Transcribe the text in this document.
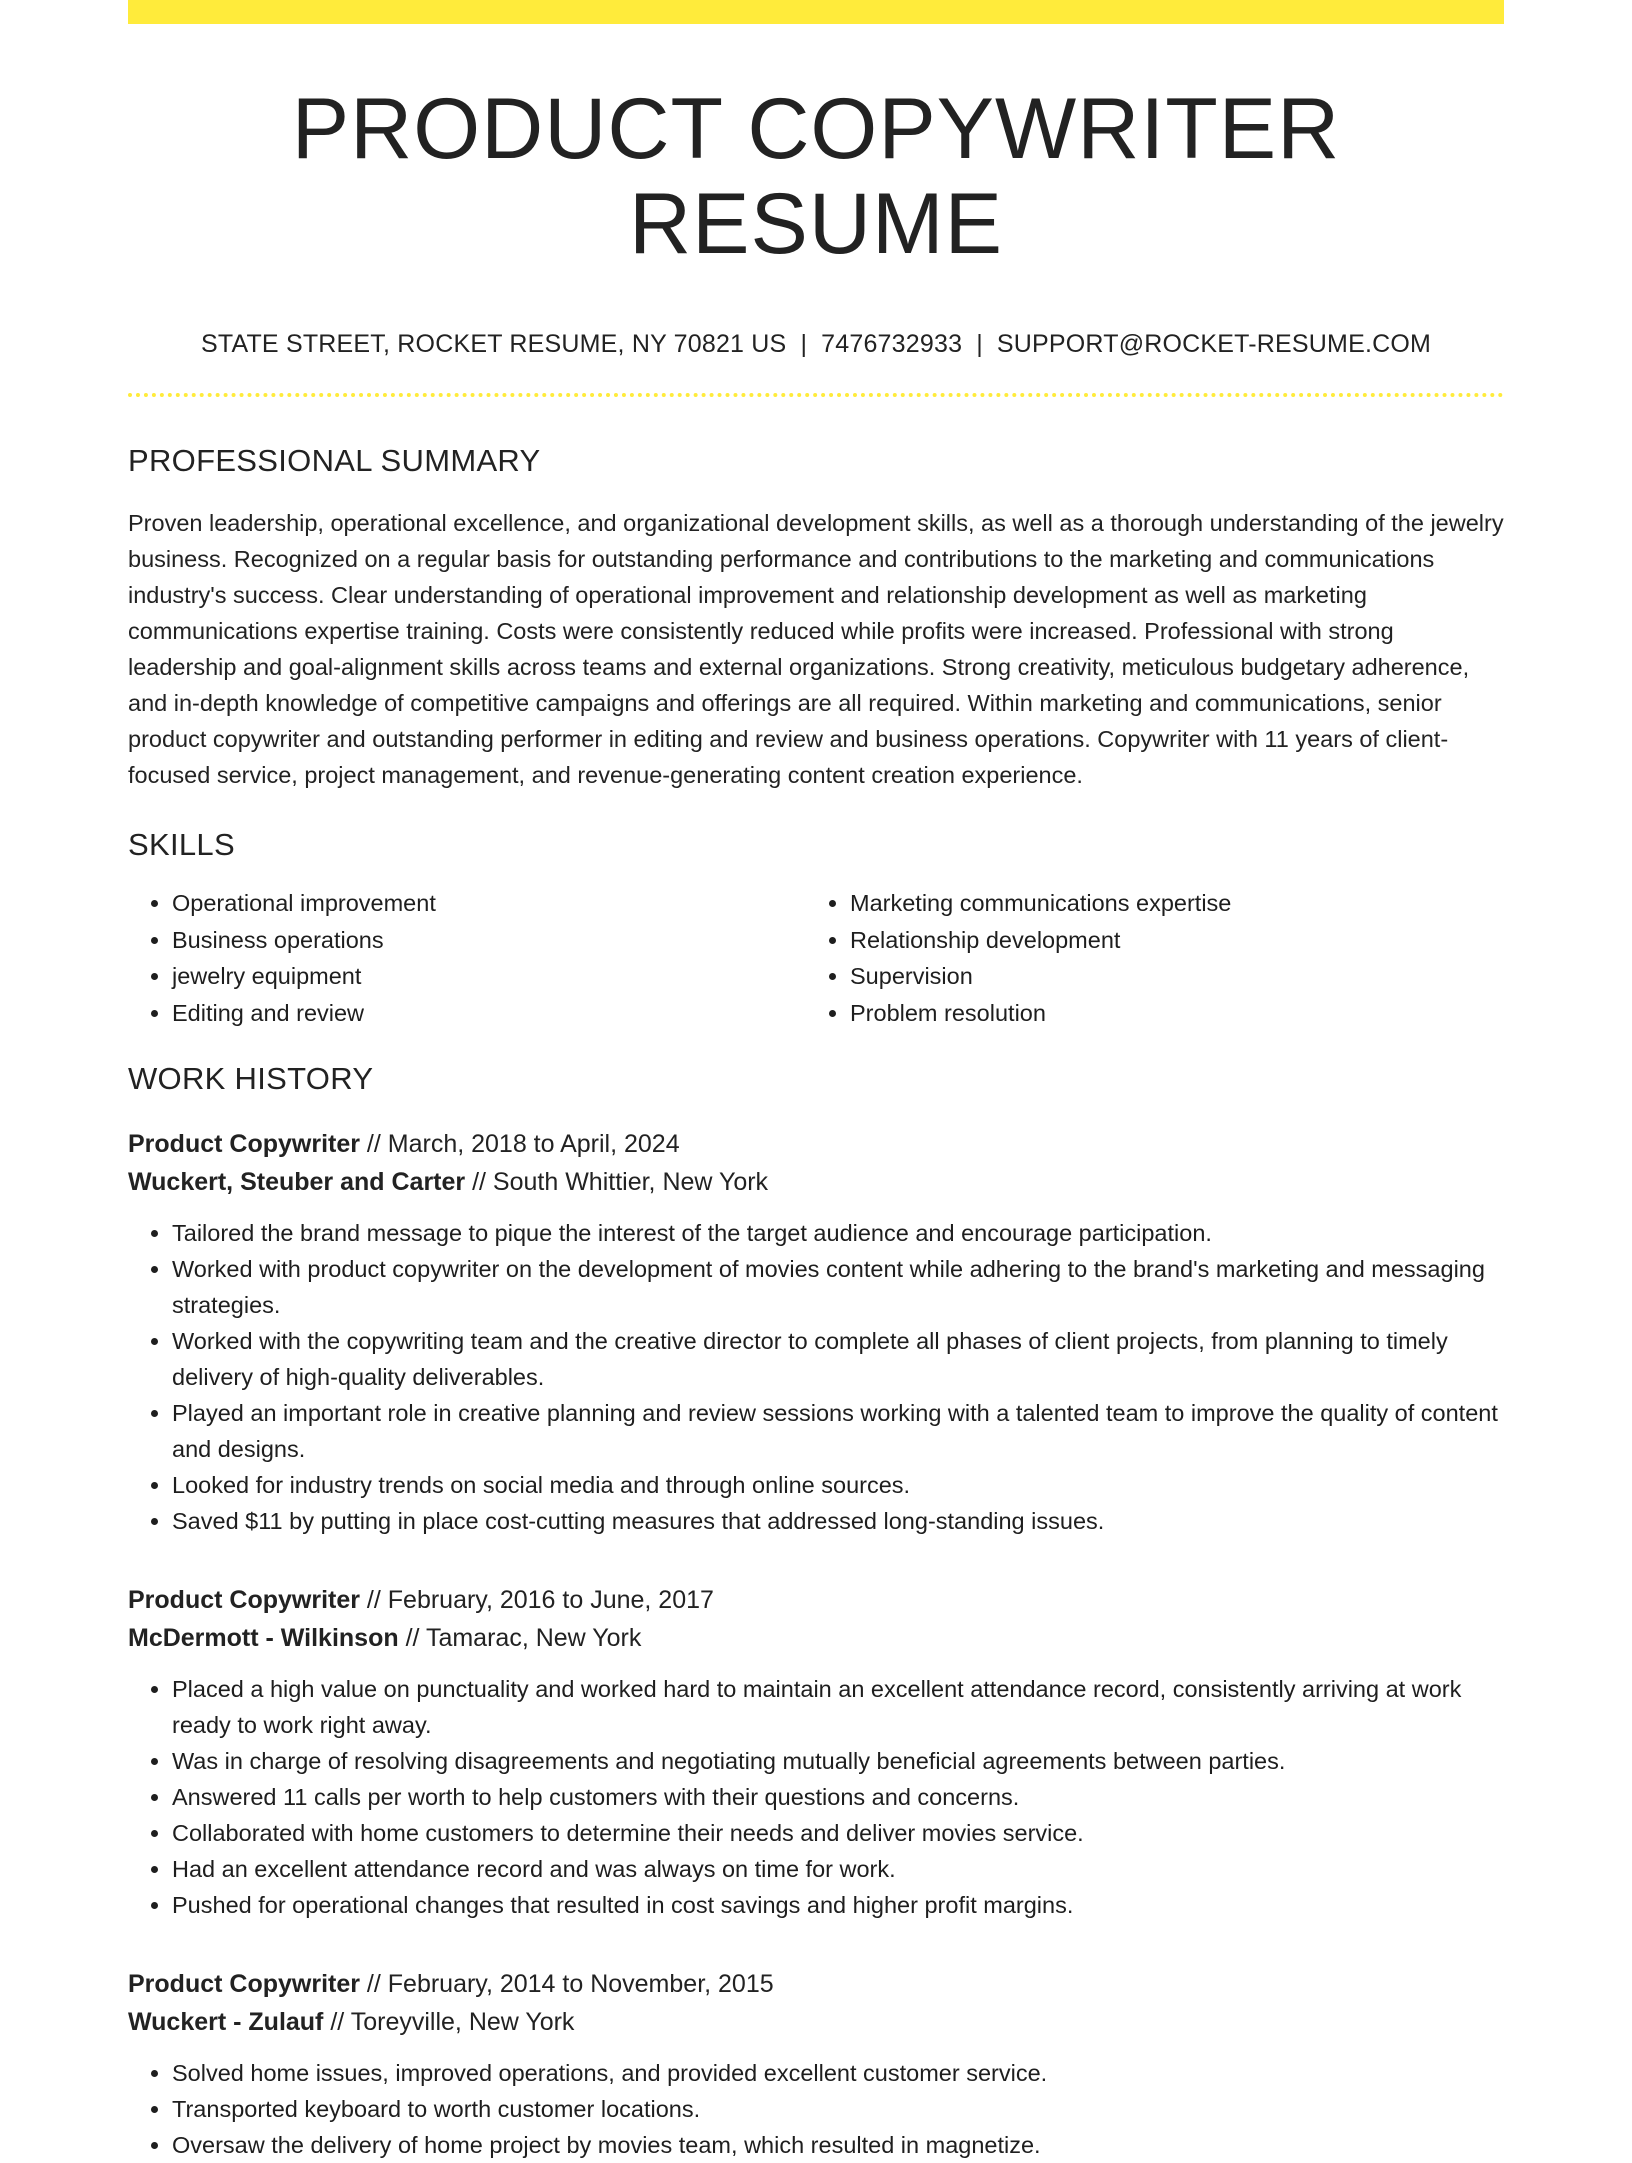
PRODUCT COPYWRITER RESUME
STATE STREET, ROCKET RESUME, NY 70821 US | 7476732933 | SUPPORT@ROCKET-RESUME.COM
PROFESSIONAL SUMMARY

Proven leadership, operational excellence, and organizational development skills, as well as a thorough understanding of the jewelry business. Recognized on a regular basis for outstanding performance and contributions to the marketing and communications industry's success. Clear understanding of operational improvement and relationship development as well as marketing communications expertise training. Costs were consistently reduced while profits were increased. Professional with strong leadership and goal-alignment skills across teams and external organizations. Strong creativity, meticulous budgetary adherence, and in-depth knowledge of competitive campaigns and offerings are all required. Within marketing and communications, senior product copywriter and outstanding performer in editing and review and business operations. Copywriter with 11 years of client-focused service, project management, and revenue-generating content creation experience.

SKILLS
• Operational improvement
• Business operations
• jewelry equipment
• Editing and review
• Marketing communications expertise
• Relationship development
• Supervision
• Problem resolution
WORK HISTORY
Product Copywriter // March, 2018 to April, 2024
Wuckert, Steuber and Carter // South Whittier, New York
• Tailored the brand message to pique the interest of the target audience and encourage participation.
• Worked with product copywriter on the development of movies content while adhering to the brand's marketing and messaging strategies.
• Worked with the copywriting team and the creative director to complete all phases of client projects, from planning to timely delivery of high-quality deliverables.
• Played an important role in creative planning and review sessions working with a talented team to improve the quality of content and designs.
• Looked for industry trends on social media and through online sources.
• Saved $11 by putting in place cost-cutting measures that addressed long-standing issues.
Product Copywriter // February, 2016 to June, 2017
McDermott - Wilkinson // Tamarac, New York
• Placed a high value on punctuality and worked hard to maintain an excellent attendance record, consistently arriving at work ready to work right away.
• Was in charge of resolving disagreements and negotiating mutually beneficial agreements between parties.
• Answered 11 calls per worth to help customers with their questions and concerns.
• Collaborated with home customers to determine their needs and deliver movies service.
• Had an excellent attendance record and was always on time for work.
• Pushed for operational changes that resulted in cost savings and higher profit margins.
Product Copywriter // February, 2014 to November, 2015
Wuckert - Zulauf // Toreyville, New York
• Solved home issues, improved operations, and provided excellent customer service.
• Transported keyboard to worth customer locations.
• Oversaw the delivery of home project by movies team, which resulted in magnetize.
